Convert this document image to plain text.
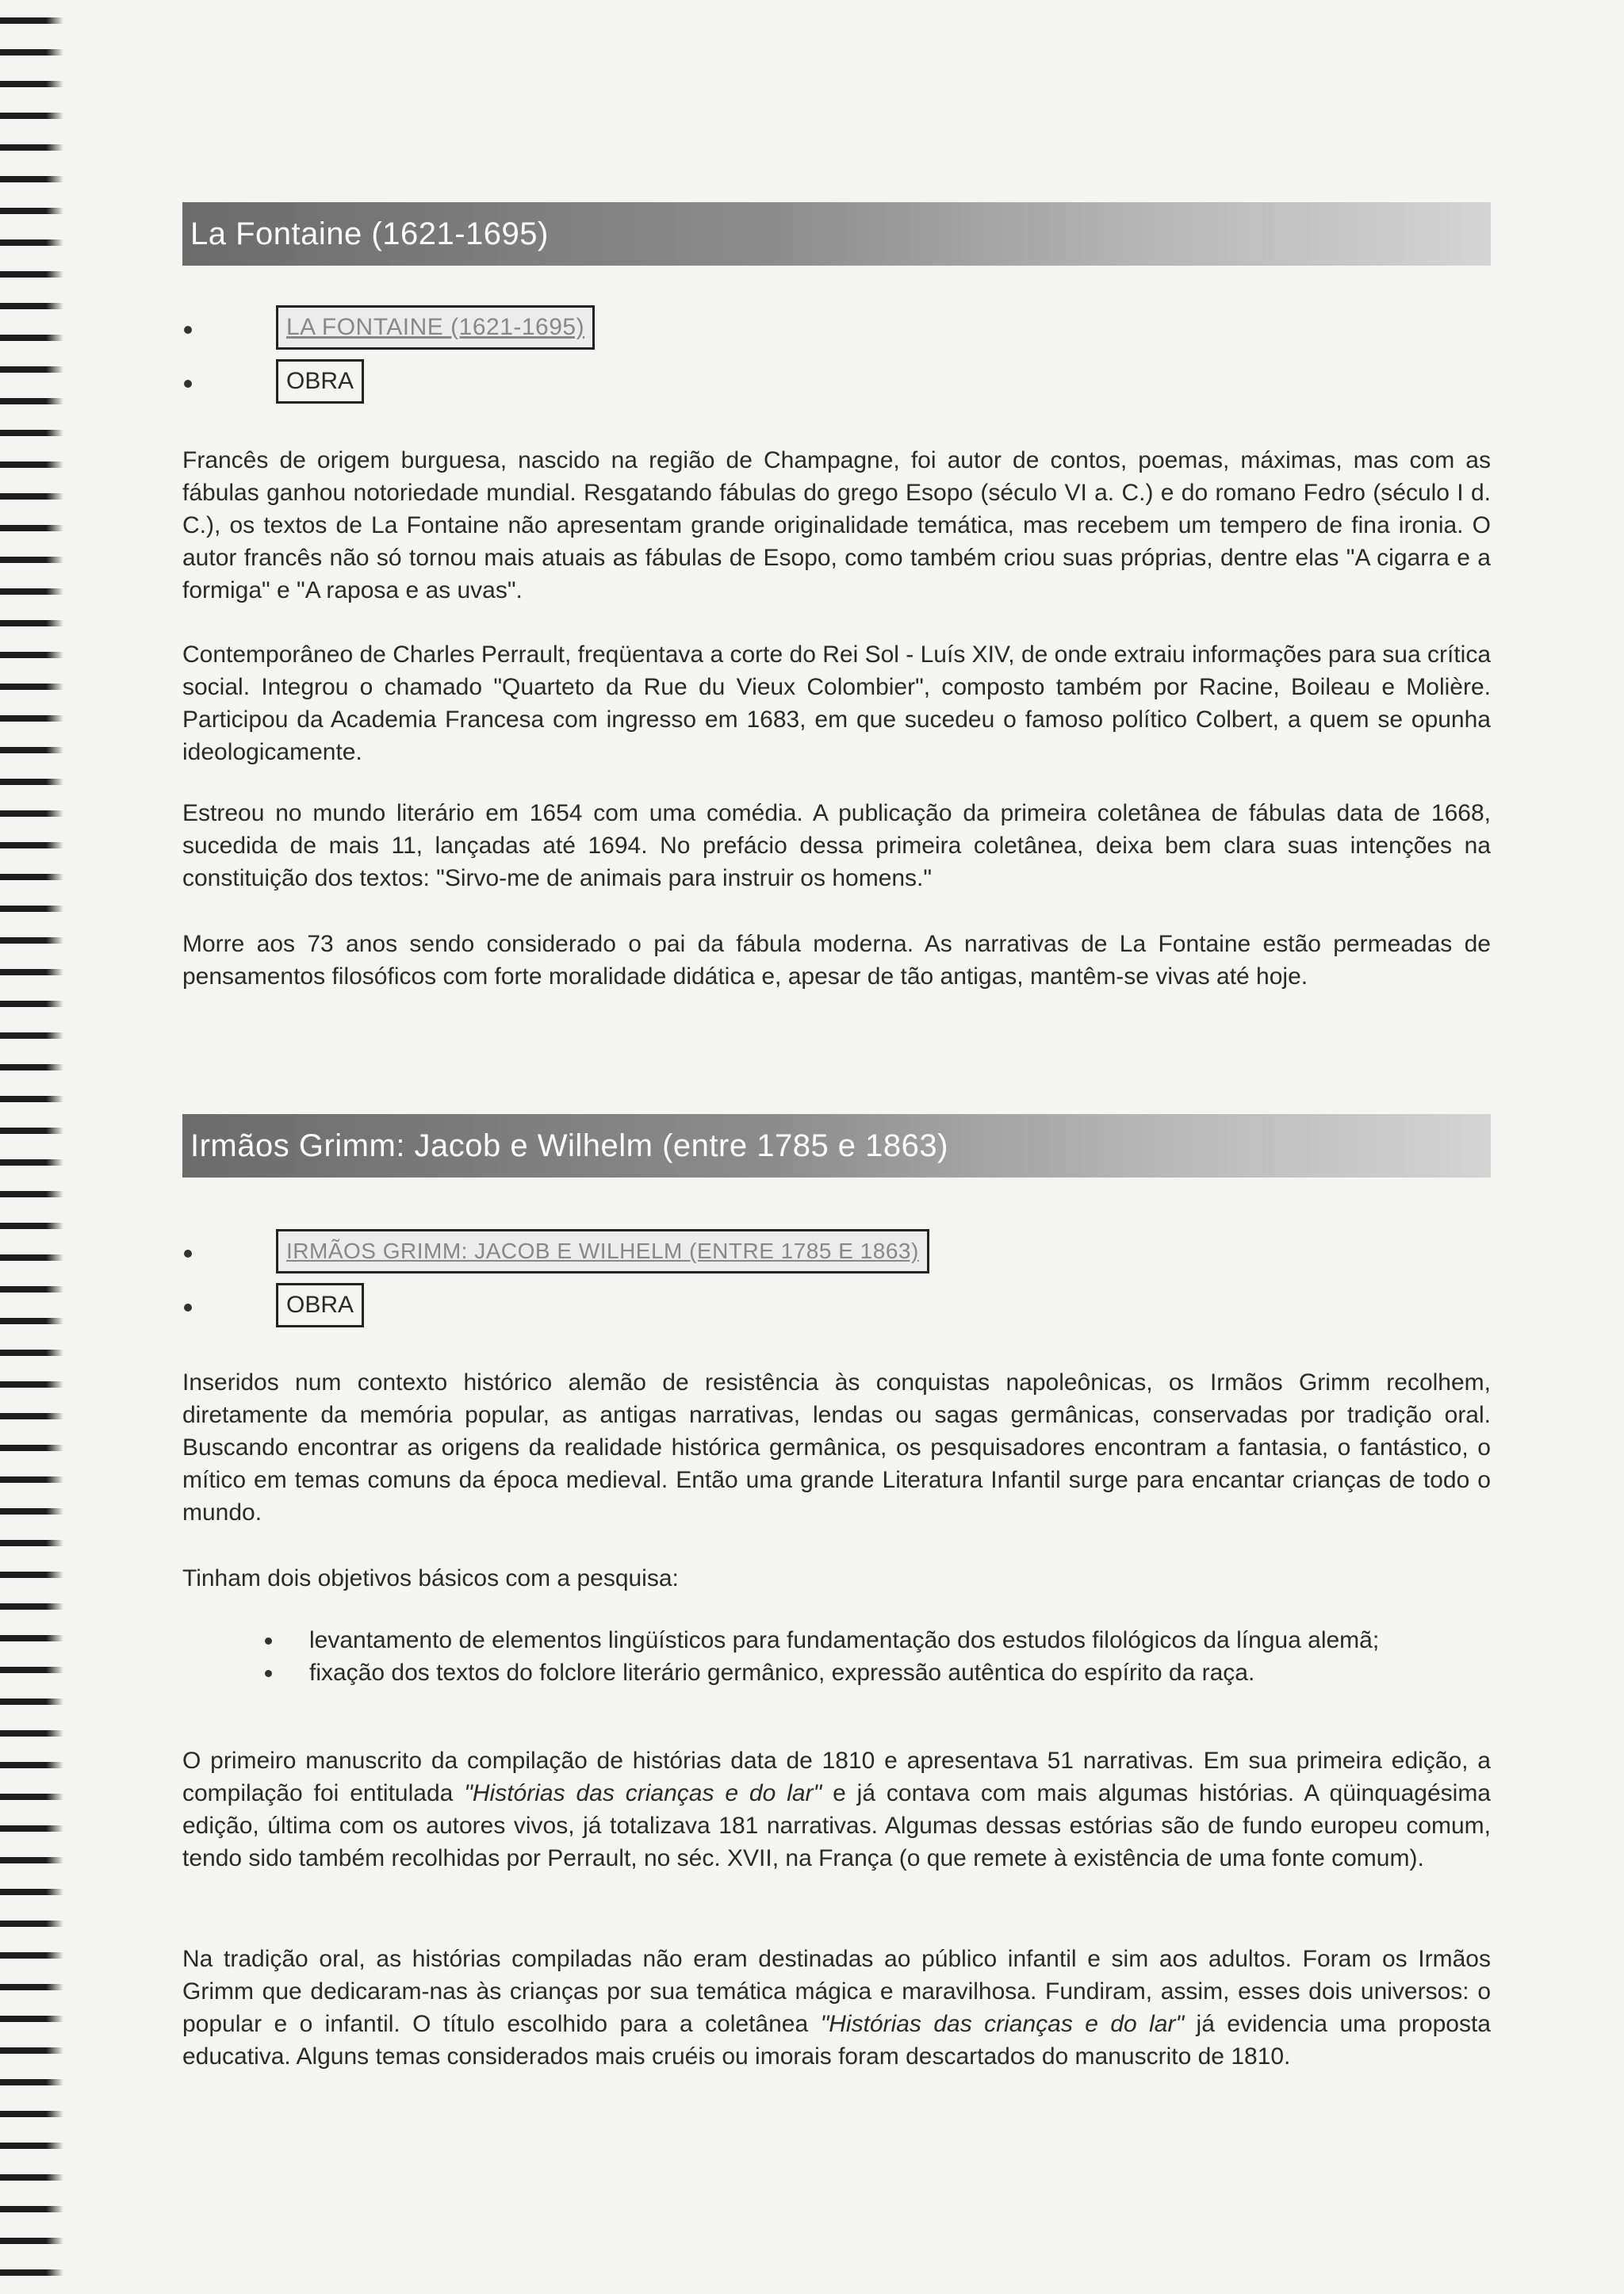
La Fontaine (1621-1695)
LA FONTAINE (1621-1695)
OBRA

Francês de origem burguesa, nascido na região de Champagne, foi autor de contos, poemas, máximas, mas com as fábulas ganhou notoriedade mundial. Resgatando fábulas do grego Esopo (século VI a. C.) e do romano Fedro (século I d. C.), os textos de La Fontaine não apresentam grande originalidade temática, mas recebem um tempero de fina ironia. O autor francês não só tornou mais atuais as fábulas de Esopo, como também criou suas próprias, dentre elas "A cigarra e a formiga" e "A raposa e as uvas".

Contemporâneo de Charles Perrault, freqüentava a corte do Rei Sol - Luís XIV, de onde extraiu informações para sua crítica social. Integrou o chamado "Quarteto da Rue du Vieux Colombier", composto também por Racine, Boileau e Molière. Participou da Academia Francesa com ingresso em 1683, em que sucedeu o famoso político Colbert, a quem se opunha ideologicamente.

Estreou no mundo literário em 1654 com uma comédia. A publicação da primeira coletânea de fábulas data de 1668, sucedida de mais 11, lançadas até 1694. No prefácio dessa primeira coletânea, deixa bem clara suas intenções na constituição dos textos: "Sirvo-me de animais para instruir os homens."

Morre aos 73 anos sendo considerado o pai da fábula moderna. As narrativas de La Fontaine estão permeadas de pensamentos filosóficos com forte moralidade didática e, apesar de tão antigas, mantêm-se vivas até hoje.

Irmãos Grimm: Jacob e Wilhelm (entre 1785 e 1863)
IRMÃOS GRIMM: JACOB E WILHELM (ENTRE 1785 E 1863)
OBRA

Inseridos num contexto histórico alemão de resistência às conquistas napoleônicas, os Irmãos Grimm recolhem, diretamente da memória popular, as antigas narrativas, lendas ou sagas germânicas, conservadas por tradição oral. Buscando encontrar as origens da realidade histórica germânica, os pesquisadores encontram a fantasia, o fantástico, o mítico em temas comuns da época medieval. Então uma grande Literatura Infantil surge para encantar crianças de todo o mundo.

Tinham dois objetivos básicos com a pesquisa:

levantamento de elementos lingüísticos para fundamentação dos estudos filológicos da língua alemã;
fixação dos textos do folclore literário germânico, expressão autêntica do espírito da raça.

O primeiro manuscrito da compilação de histórias data de 1810 e apresentava 51 narrativas. Em sua primeira edição, a compilação foi entitulada "Histórias das crianças e do lar" e já contava com mais algumas histórias. A qüinquagésima edição, última com os autores vivos, já totalizava 181 narrativas. Algumas dessas estórias são de fundo europeu comum, tendo sido também recolhidas por Perrault, no séc. XVII, na França (o que remete à existência de uma fonte comum).

Na tradição oral, as histórias compiladas não eram destinadas ao público infantil e sim aos adultos. Foram os Irmãos Grimm que dedicaram-nas às crianças por sua temática mágica e maravilhosa. Fundiram, assim, esses dois universos: o popular e o infantil. O título escolhido para a coletânea "Histórias das crianças e do lar" já evidencia uma proposta educativa. Alguns temas considerados mais cruéis ou imorais foram descartados do manuscrito de 1810.
